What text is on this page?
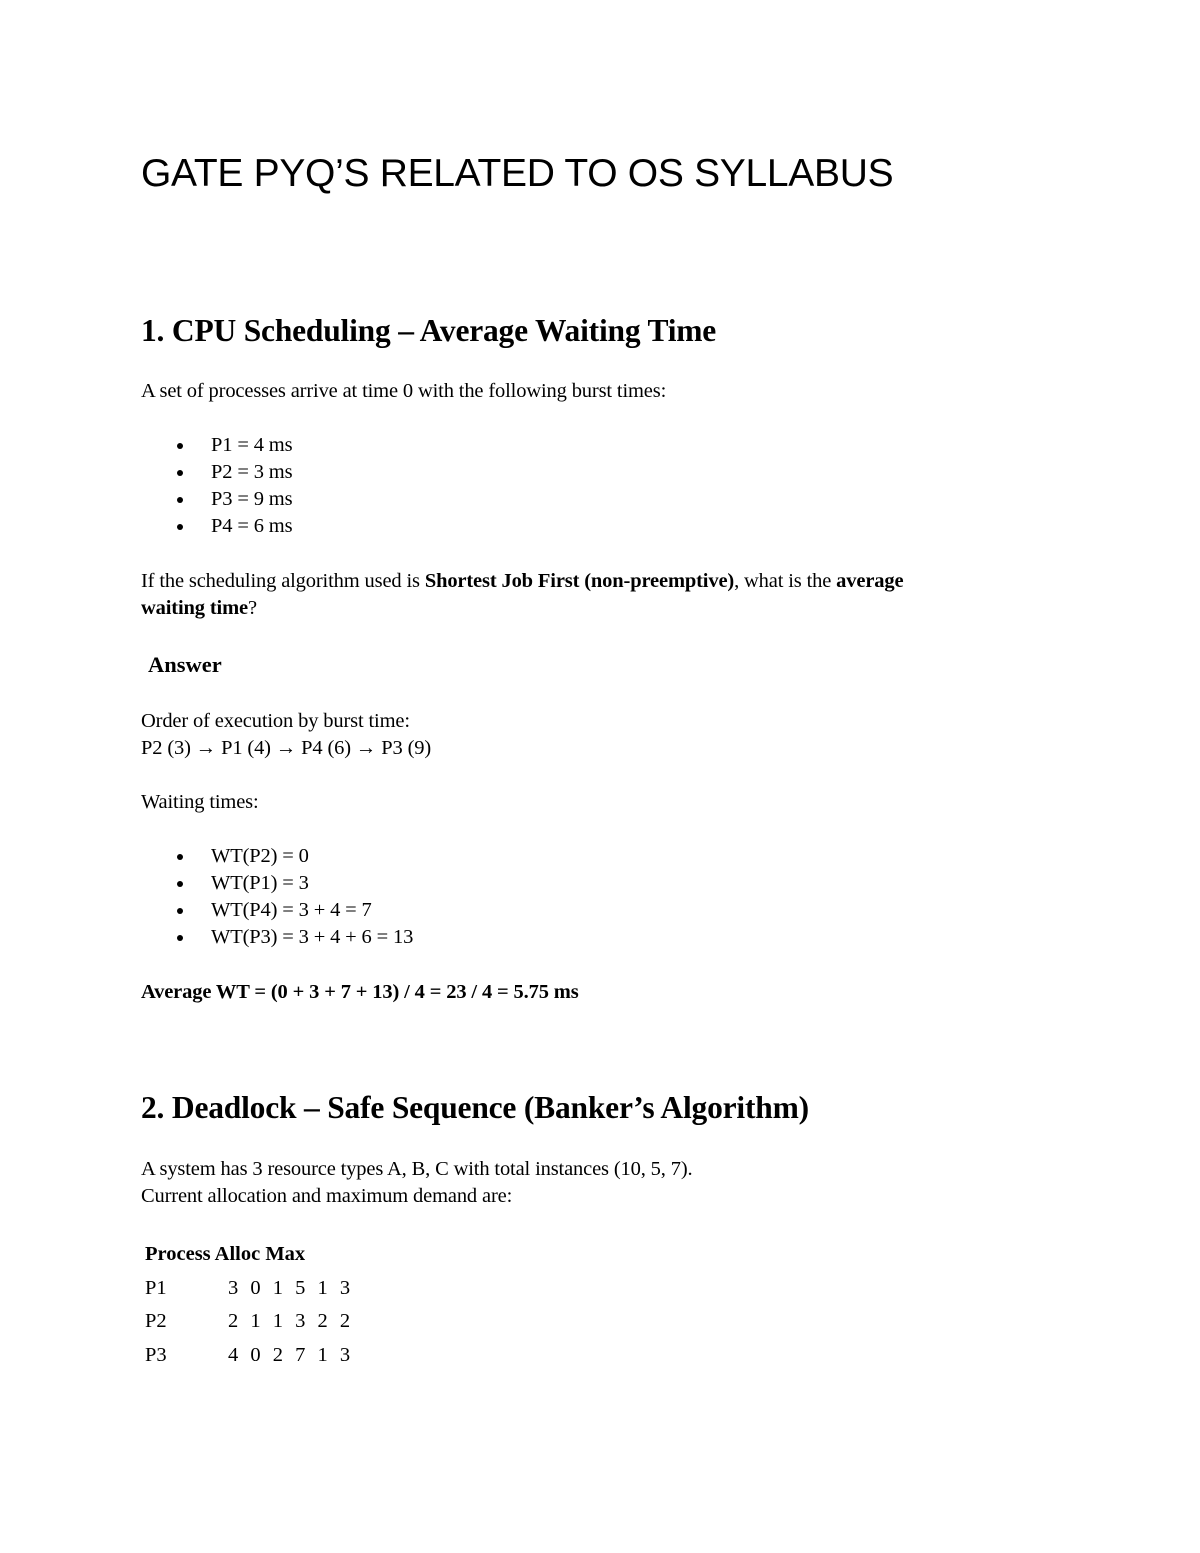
GATE PYQ’S RELATED TO OS SYLLABUS
1. CPU Scheduling – Average Waiting Time
A set of processes arrive at time 0 with the following burst times:
P1 = 4 ms
P2 = 3 ms
P3 = 9 ms
P4 = 6 ms
If the scheduling algorithm used is Shortest Job First (non-preemptive), what is the average
waiting time?
Answer
Order of execution by burst time:
P2 (3) → P1 (4) → P4 (6) → P3 (9)
Waiting times:
WT(P2) = 0
WT(P1) = 3
WT(P4) = 3 + 4 = 7
WT(P3) = 3 + 4 + 6 = 13
Average WT = (0 + 3 + 7 + 13) / 4 = 23 / 4 = 5.75 ms
2. Deadlock – Safe Sequence (Banker’s Algorithm)
A system has 3 resource types A, B, C with total instances (10, 5, 7).
Current allocation and maximum demand are:
Process Alloc Max
P1	3 0 1 5 1 3
P2	2 1 1 3 2 2
P3	4 0 2 7 1 3
